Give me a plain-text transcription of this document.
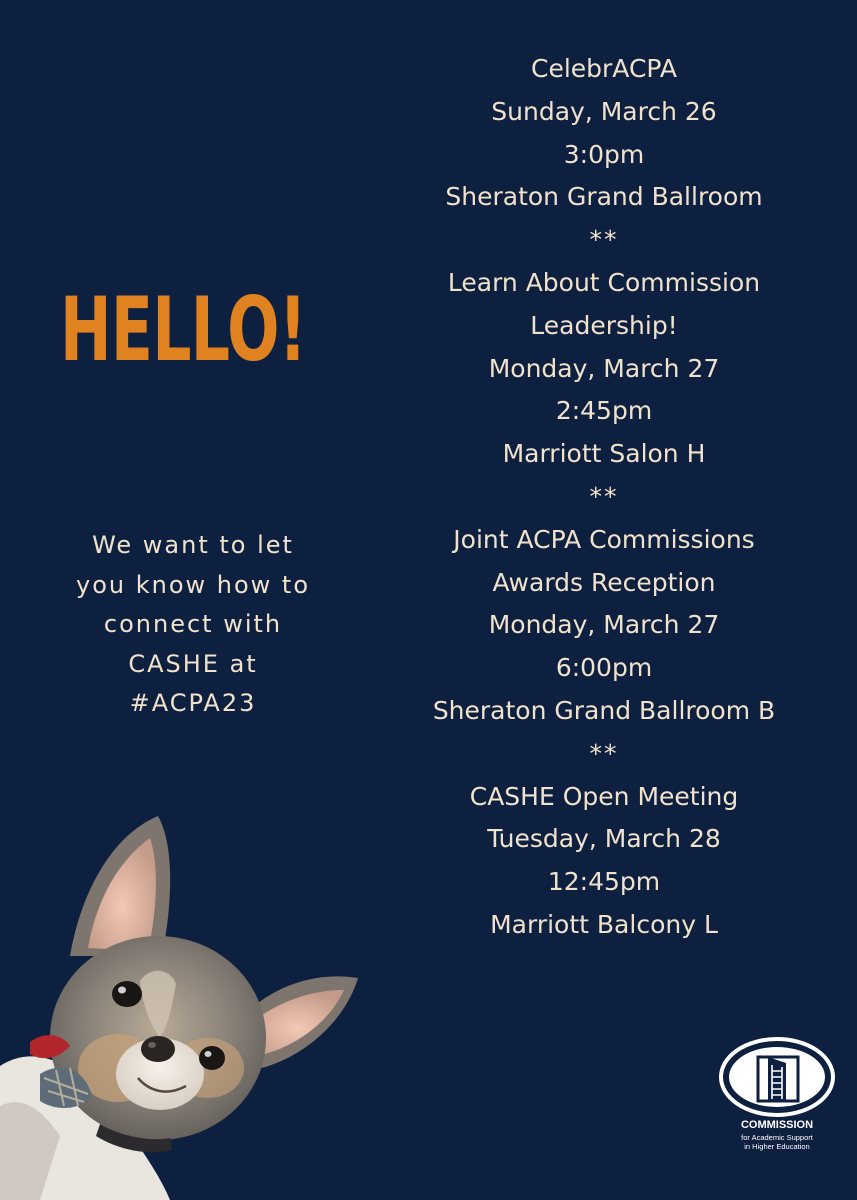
HELLO!
We want to let
you know how to
connect with
CASHE at
#ACPA23
CelebrACPA
Sunday, March 26
3:0pm
Sheraton Grand Ballroom
**
Learn About Commission
Leadership!
Monday, March 27
2:45pm
Marriott Salon H
**
Joint ACPA Commissions
Awards Reception
Monday, March 27
6:00pm
Sheraton Grand Ballroom B
**
CASHE Open Meeting
Tuesday, March 28
12:45pm
Marriott Balcony L
COMMISSION
for Academic Support
in Higher Education
